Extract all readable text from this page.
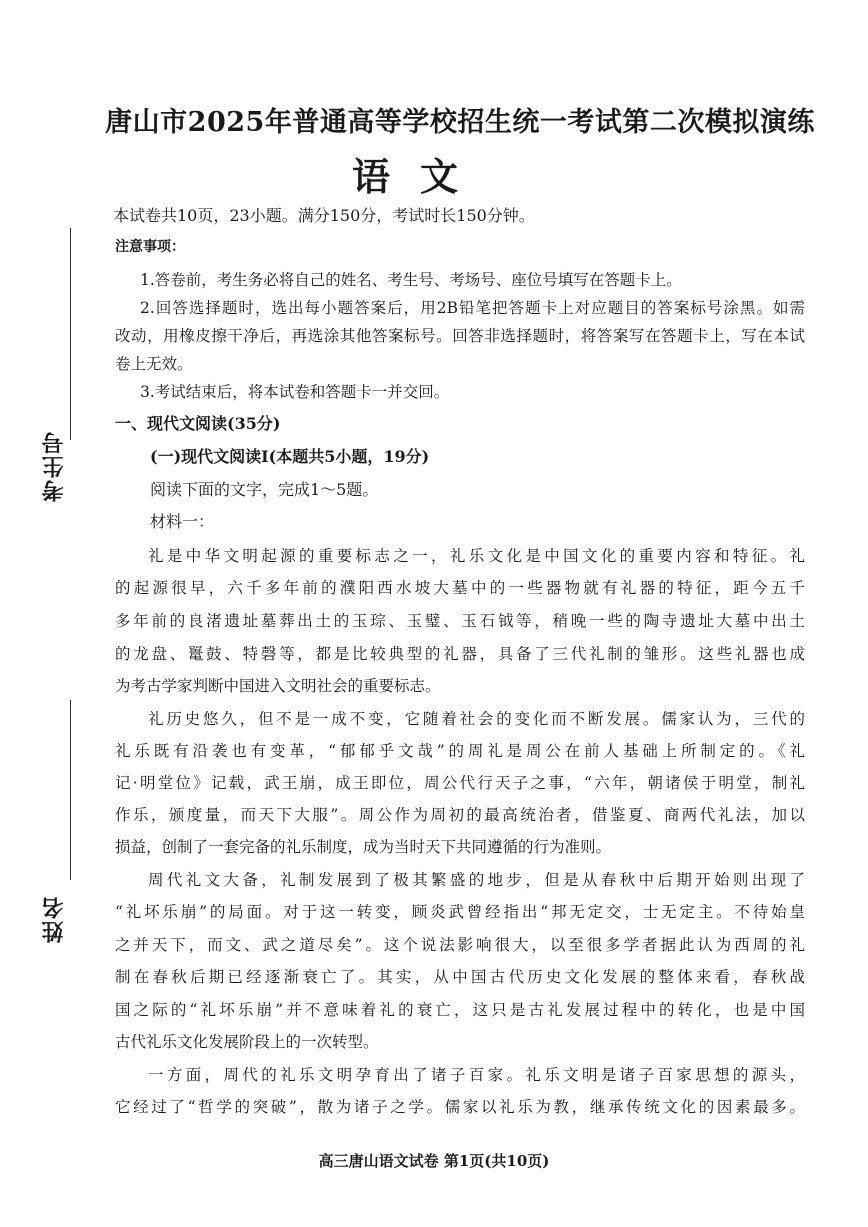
考生号
姓名
唐山市2025年普通高等学校招生统一考试第二次模拟演练
语文
本试卷共10页，23小题。满分150分，考试时长150分钟。
注意事项：
1.答卷前，考生务必将自己的姓名、考生号、考场号、座位号填写在答题卡上。
2.回答选择题时，选出每小题答案后，用2B铅笔把答题卡上对应题目的答案标号涂黑。如需
改动，用橡皮擦干净后，再选涂其他答案标号。回答非选择题时，将答案写在答题卡上，写在本试
卷上无效。
3.考试结束后，将本试卷和答题卡一并交回。
一、现代文阅读(35分)
(一)现代文阅读Ⅰ(本题共5小题，19分)
阅读下面的文字，完成1～5题。
材料一：
礼是中华文明起源的重要标志之一，礼乐文化是中国文化的重要内容和特征。礼
的起源很早，六千多年前的濮阳西水坡大墓中的一些器物就有礼器的特征，距今五千
多年前的良渚遗址墓葬出土的玉琮、玉璧、玉石钺等，稍晚一些的陶寺遗址大墓中出土
的龙盘、鼍鼓、特磬等，都是比较典型的礼器，具备了三代礼制的雏形。这些礼器也成
为考古学家判断中国进入文明社会的重要标志。
礼历史悠久，但不是一成不变，它随着社会的变化而不断发展。儒家认为，三代的
礼乐既有沿袭也有变革，“郁郁乎文哉”的周礼是周公在前人基础上所制定的。《礼
记·明堂位》记载，武王崩，成王即位，周公代行天子之事，“六年，朝诸侯于明堂，制礼
作乐，颁度量，而天下大服”。周公作为周初的最高统治者，借鉴夏、商两代礼法，加以
损益，创制了一套完备的礼乐制度，成为当时天下共同遵循的行为准则。
周代礼文大备，礼制发展到了极其繁盛的地步，但是从春秋中后期开始则出现了
“礼坏乐崩”的局面。对于这一转变，顾炎武曾经指出“邦无定交，士无定主。不待始皇
之并天下，而文、武之道尽矣”。这个说法影响很大，以至很多学者据此认为西周的礼
制在春秋后期已经逐渐衰亡了。其实，从中国古代历史文化发展的整体来看，春秋战
国之际的“礼坏乐崩”并不意味着礼的衰亡，这只是古礼发展过程中的转化，也是中国
古代礼乐文化发展阶段上的一次转型。
一方面，周代的礼乐文明孕育出了诸子百家。礼乐文明是诸子百家思想的源头，
它经过了“哲学的突破”，散为诸子之学。儒家以礼乐为教，继承传统文化的因素最多。
高三唐山语文试卷 第1页(共10页)
